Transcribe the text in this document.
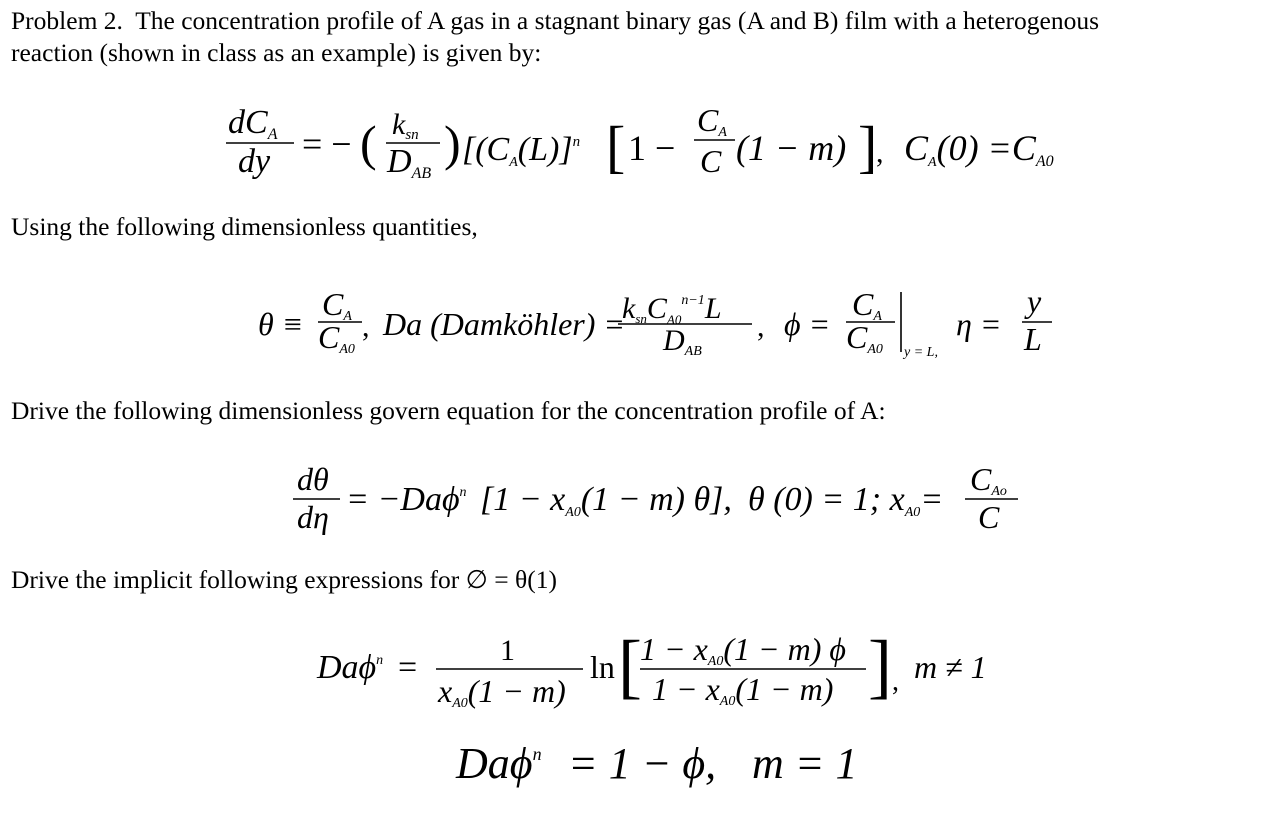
Problem 2. The concentration profile of A gas in a stagnant binary gas (A and B) film with a heterogenous
reaction (shown in class as an example) is given by:
Using the following dimensionless quantities,
Drive the following dimensionless govern equation for the concentration profile of A:
Drive the implicit following expressions for ∅ = θ(1)
dCA
dy = − ( ksn
DAB
) [$(CA(L)]^n$ [ 1 −
CA
C (1 − m) ]
, CA(0) =CA0
θ ≡
CA
CA0
, Da (Damköhler) =
ksnC$_{A0}^{n-1}$L
DAB
, ϕ =
CA
CA0 y = L,
η =
y
L
dθ
dη = −Daϕ$^n$ [1 − xA0(1 − m) θ], θ (0) = 1; xA0=
CAo
C
Daϕ$^n$ =	1
xA0(1 − m)
ln [
1 − xA0(1 − m) ϕ
1 − xA0(1 − m) ] , m ≠ 1
Daϕ$^n$ = 1 − ϕ, m = 1
